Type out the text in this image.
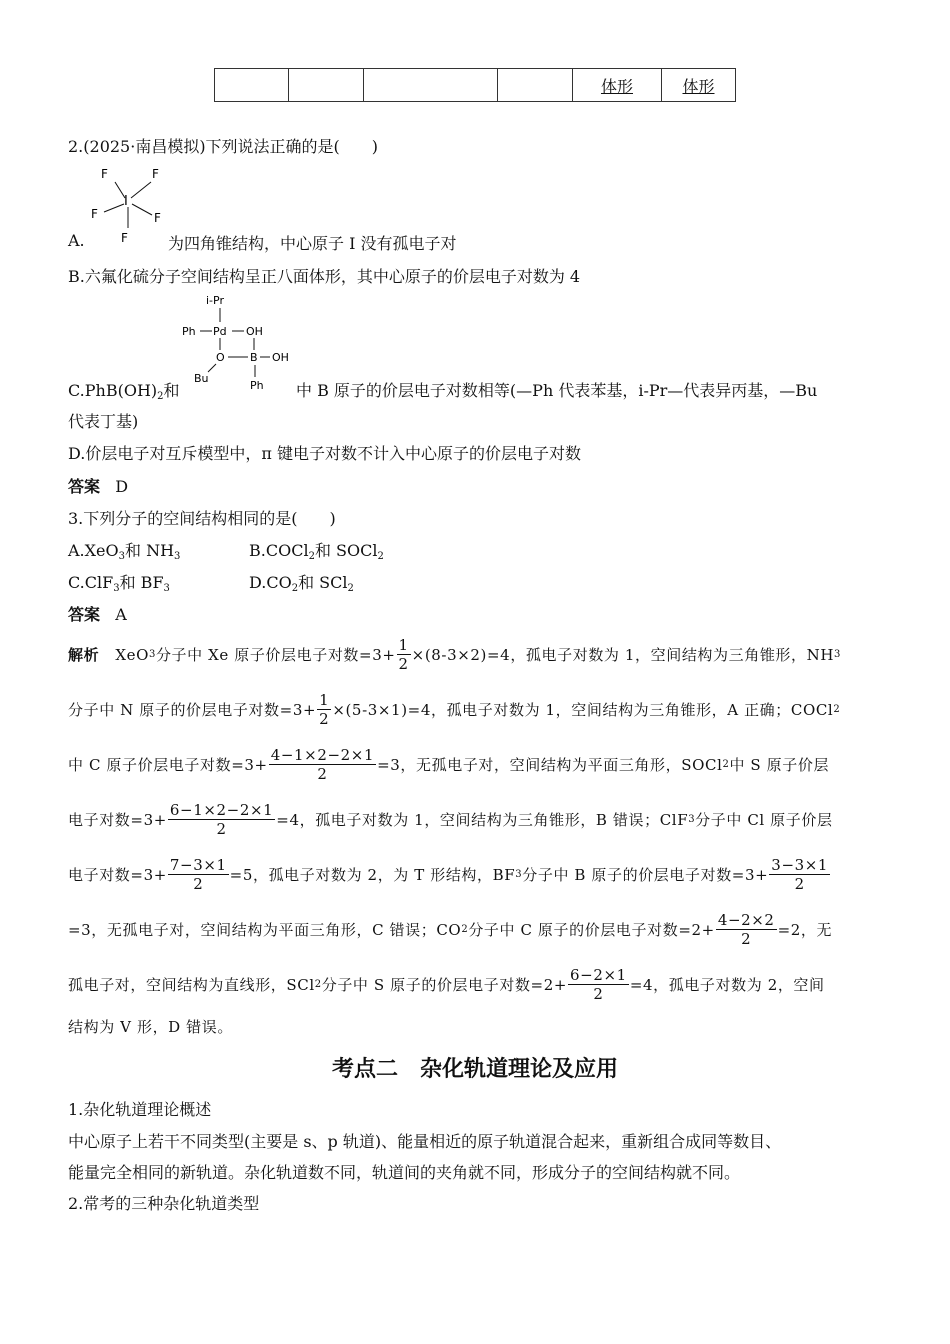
				体形	体形
2.(2025·南昌模拟)下列说法正确的是(　　)
I
F	F
F	F
F
A.	为四角锥结构，中心原子 I 没有孤电子对
B.六氟化硫分子空间结构呈正八面体形，其中心原子的价层电子对数为 4
i-Pr
Ph Pd OH
O B OH
Bu
Ph
$C.PhB(OH)_2$和	中 B 原子的价层电子对数相等(—Ph 代表苯基，i-Pr—代表异丙基，—Bu
代表丁基)
D.价层电子对互斥模型中，π 键电子对数不计入中心原子的价层电子对数
答案 D
3.下列分子的空间结构相同的是(　　)
A.XeO$_3$和 $NH_3$	B.COCl$_2$和 SOCl$_2$
C.ClF$_3$和 $BF_3$	$D.CO_2$和 SCl$_2$
答案 A
解析
XeO 3 分子中 Xe 原子价层电子对数$=3+ \frac{1}{2} \times(8-3\times 2)=4$，孤电子对数为 1，空间结构为三角锥形，NH 3
分子中 N 原子的价层电子对数$=3+ \frac{1}{2} \times(5-3\times 1)=4$，孤电子对数为 1，空间结构为三角锥形，A 正确；COCl 2
中 C 原子价层电子对数$=3+ \frac{4-1\times 2-2\times 1}{2} =3$，无孤电子对，空间结构为平面三角形，SOCl 2 中 S 原子价层
电子对数$=3+ \frac{6-1\times 2-2\times 1}{2} =4$，孤电子对数为 1，空间结构为三角锥形，B 错误；ClF 3 分子中 Cl 原子价层
电子对数$=3+ \frac{7-3\times 1}{2} =5$，孤电子对数为 2，为 T 形结构，BF 3 分子中 B 原子的价层电子对数$=3+ \frac{3-3\times 1}{2}$
=3，无孤电子对，空间结构为平面三角形，C 错误；CO 2 分子中 C 原子的价层电子对数$=2+ \frac{4-2\times 2}{2} =2$，无
孤电子对，空间结构为直线形，SCl 2 分子中 S 原子的价层电子对数$=2+ \frac{6-2\times 1}{2} =4$，孤电子对数为 2，空间
结构为 V 形，D 错误。
考点二　杂化轨道理论及应用
1.杂化轨道理论概述
中心原子上若干不同类型(主要是 s、p 轨道)、能量相近的原子轨道混合起来，重新组合成同等数目、
能量完全相同的新轨道。杂化轨道数不同，轨道间的夹角就不同，形成分子的空间结构就不同。
2.常考的三种杂化轨道类型
